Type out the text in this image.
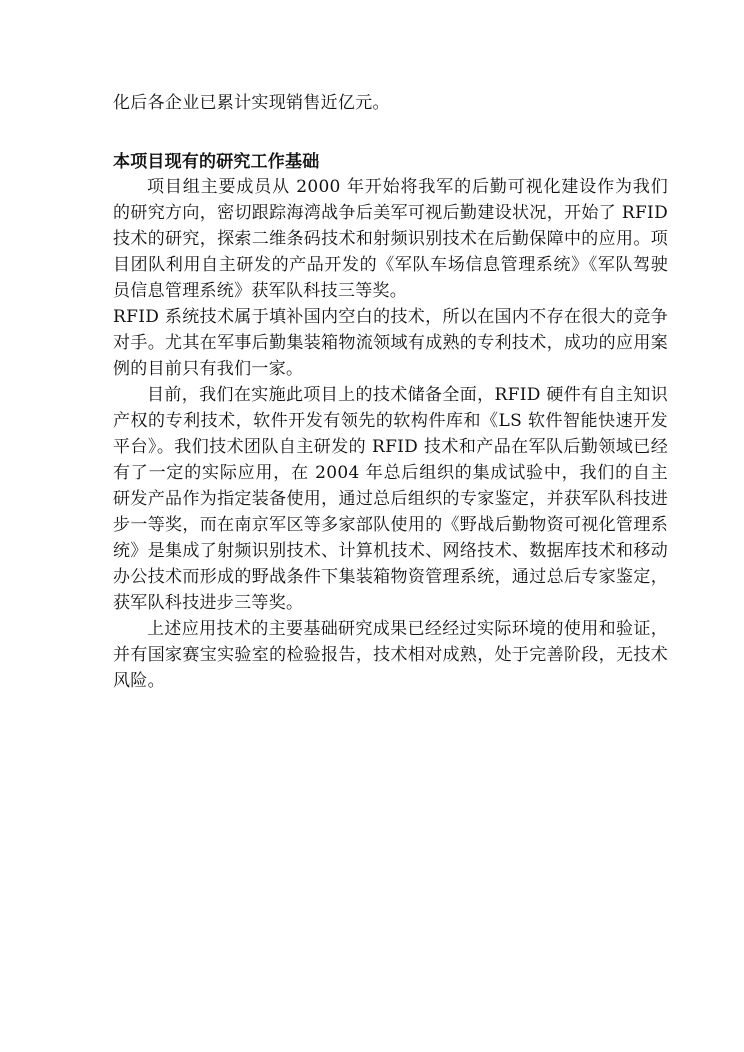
化后各企业已累计实现销售近亿元。

本项目现有的研究工作基础

项目组主要成员从 2000 年开始将我军的后勤可视化建设作为我们的研究方向，密切跟踪海湾战争后美军可视后勤建设状况，开始了 RFID 技术的研究，探索二维条码技术和射频识别技术在后勤保障中的应用。项目团队利用自主研发的产品开发的《军队车场信息管理系统》《军队驾驶员信息管理系统》获军队科技三等奖。

RFID 系统技术属于填补国内空白的技术，所以在国内不存在很大的竞争对手。尤其在军事后勤集装箱物流领域有成熟的专利技术，成功的应用案例的目前只有我们一家。

目前，我们在实施此项目上的技术储备全面，RFID 硬件有自主知识产权的专利技术，软件开发有领先的软构件库和《LS 软件智能快速开发平台》。我们技术团队自主研发的 RFID 技术和产品在军队后勤领域已经有了一定的实际应用，在 2004 年总后组织的集成试验中，我们的自主研发产品作为指定装备使用，通过总后组织的专家鉴定，并获军队科技进步一等奖，而在南京军区等多家部队使用的《野战后勤物资可视化管理系统》是集成了射频识别技术、计算机技术、网络技术、数据库技术和移动办公技术而形成的野战条件下集装箱物资管理系统，通过总后专家鉴定，获军队科技进步三等奖。

上述应用技术的主要基础研究成果已经经过实际环境的使用和验证，并有国家赛宝实验室的检验报告，技术相对成熟，处于完善阶段，无技术风险。
